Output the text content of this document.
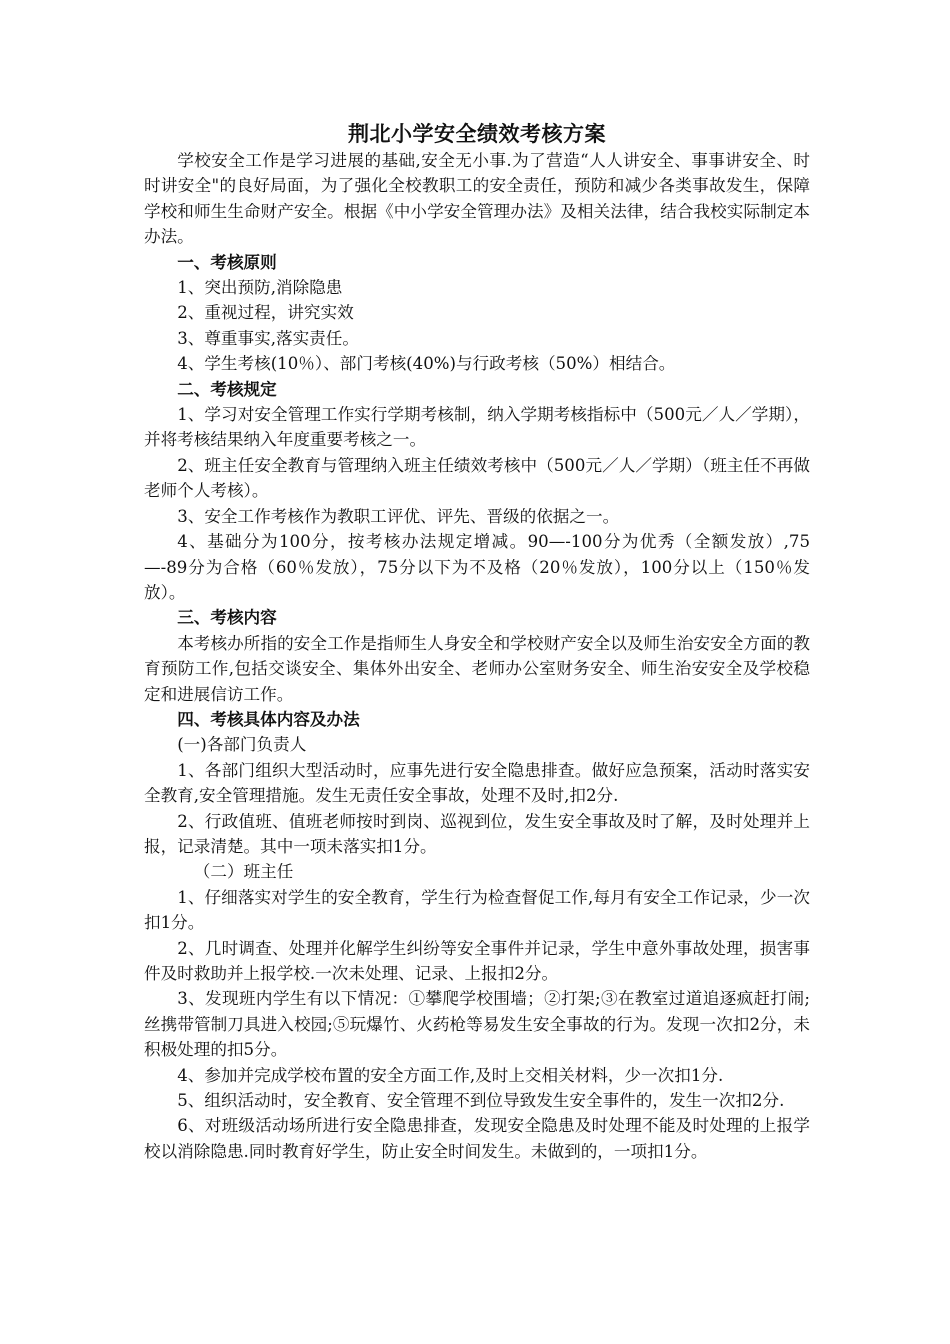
荆北小学安全绩效考核方案

学校安全工作是学习进展的基础,安全无小事.为了营造“人人讲安全、事事讲安全、时时讲安全"的良好局面，为了强化全校教职工的安全责任，预防和减少各类事故发生，保障学校和师生生命财产安全。根据《中小学安全管理办法》及相关法律，结合我校实际制定本办法。

一、考核原则

1、突出预防,消除隐患

2、重视过程，讲究实效

3、尊重事实,落实责任。

4、学生考核(10％）、部门考核(40%)与行政考核（50%）相结合。

二、考核规定

1、学习对安全管理工作实行学期考核制，纳入学期考核指标中（500元／人／学期），并将考核结果纳入年度重要考核之一。

2、班主任安全教育与管理纳入班主任绩效考核中（500元／人／学期）（班主任不再做老师个人考核）。

3、安全工作考核作为教职工评优、评先、晋级的依据之一。

4、基础分为100分，按考核办法规定增减。90—-100分为优秀（全额发放）,75—-89分为合格（60％发放），75分以下为不及格（20％发放），100分以上（150％发放）。

三、考核内容

本考核办所指的安全工作是指师生人身安全和学校财产安全以及师生治安安全方面的教育预防工作,包括交谈安全、集体外出安全、老师办公室财务安全、师生治安安全及学校稳定和进展信访工作。

四、考核具体内容及办法

(一)各部门负责人

1、各部门组织大型活动时，应事先进行安全隐患排查。做好应急预案，活动时落实安全教育,安全管理措施。发生无责任安全事故，处理不及时,扣2分.

2、行政值班、值班老师按时到岗、巡视到位，发生安全事故及时了解，及时处理并上报，记录清楚。其中一项未落实扣1分。

（二）班主任

1、仔细落实对学生的安全教育，学生行为检查督促工作,每月有安全工作记录，少一次扣1分。

2、几时调查、处理并化解学生纠纷等安全事件并记录，学生中意外事故处理，损害事件及时救助并上报学校.一次未处理、记录、上报扣2分。

3、发现班内学生有以下情况：①攀爬学校围墙；②打架;③在教室过道追逐疯赶打闹;丝携带管制刀具进入校园;⑤玩爆竹、火药枪等易发生安全事故的行为。发现一次扣2分，未积极处理的扣5分。

4、参加并完成学校布置的安全方面工作,及时上交相关材料，少一次扣1分.

5、组织活动时，安全教育、安全管理不到位导致发生安全事件的，发生一次扣2分.

6、对班级活动场所进行安全隐患排查，发现安全隐患及时处理不能及时处理的上报学校以消除隐患.同时教育好学生，防止安全时间发生。未做到的，一项扣1分。
